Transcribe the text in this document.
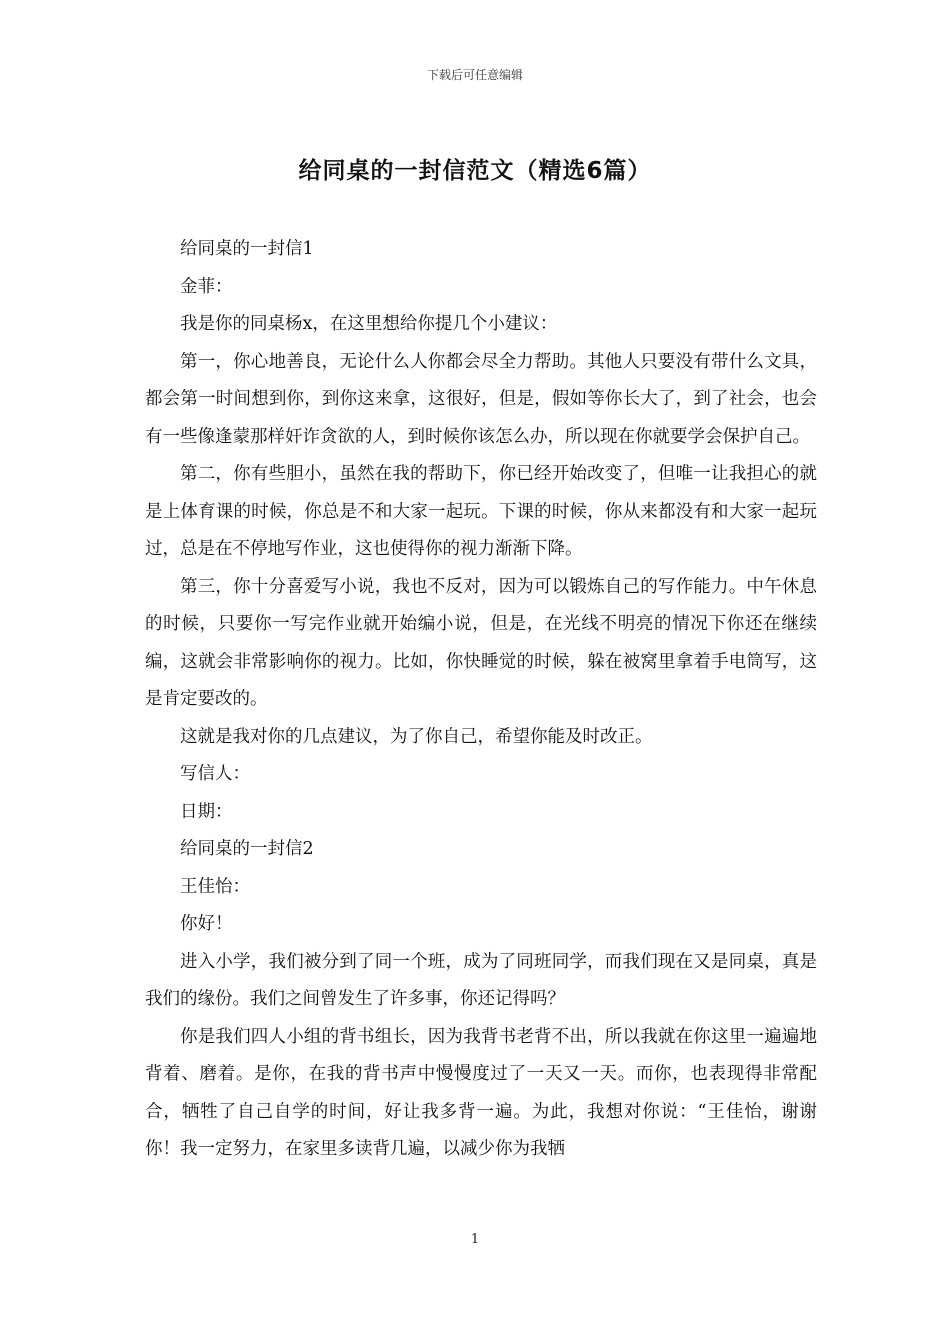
下载后可任意编辑
给同桌的一封信范文（精选6篇）

给同桌的一封信1

金菲：

我是你的同桌杨x，在这里想给你提几个小建议：

第一，你心地善良，无论什么人你都会尽全力帮助。其他人只要没有带什么文具，都会第一时间想到你，到你这来拿，这很好，但是，假如等你长大了，到了社会，也会有一些像逢蒙那样奸诈贪欲的人，到时候你该怎么办，所以现在你就要学会保护自己。

第二，你有些胆小，虽然在我的帮助下，你已经开始改变了，但唯一让我担心的就是上体育课的时候，你总是不和大家一起玩。下课的时候，你从来都没有和大家一起玩过，总是在不停地写作业，这也使得你的视力渐渐下降。

第三，你十分喜爱写小说，我也不反对，因为可以锻炼自己的写作能力。中午休息的时候，只要你一写完作业就开始编小说，但是，在光线不明亮的情况下你还在继续编，这就会非常影响你的视力。比如，你快睡觉的时候，躲在被窝里拿着手电筒写，这是肯定要改的。

这就是我对你的几点建议，为了你自己，希望你能及时改正。

写信人：

日期：

给同桌的一封信2

王佳怡：

你好！

进入小学，我们被分到了同一个班，成为了同班同学，而我们现在又是同桌，真是我们的缘份。我们之间曾发生了许多事，你还记得吗？

你是我们四人小组的背书组长，因为我背书老背不出，所以我就在你这里一遍遍地背着、磨着。是你，在我的背书声中慢慢度过了一天又一天。而你，也表现得非常配合，牺牲了自己自学的时间，好让我多背一遍。为此，我想对你说：“王佳怡，谢谢你！我一定努力，在家里多读背几遍，以减少你为我牺

1
